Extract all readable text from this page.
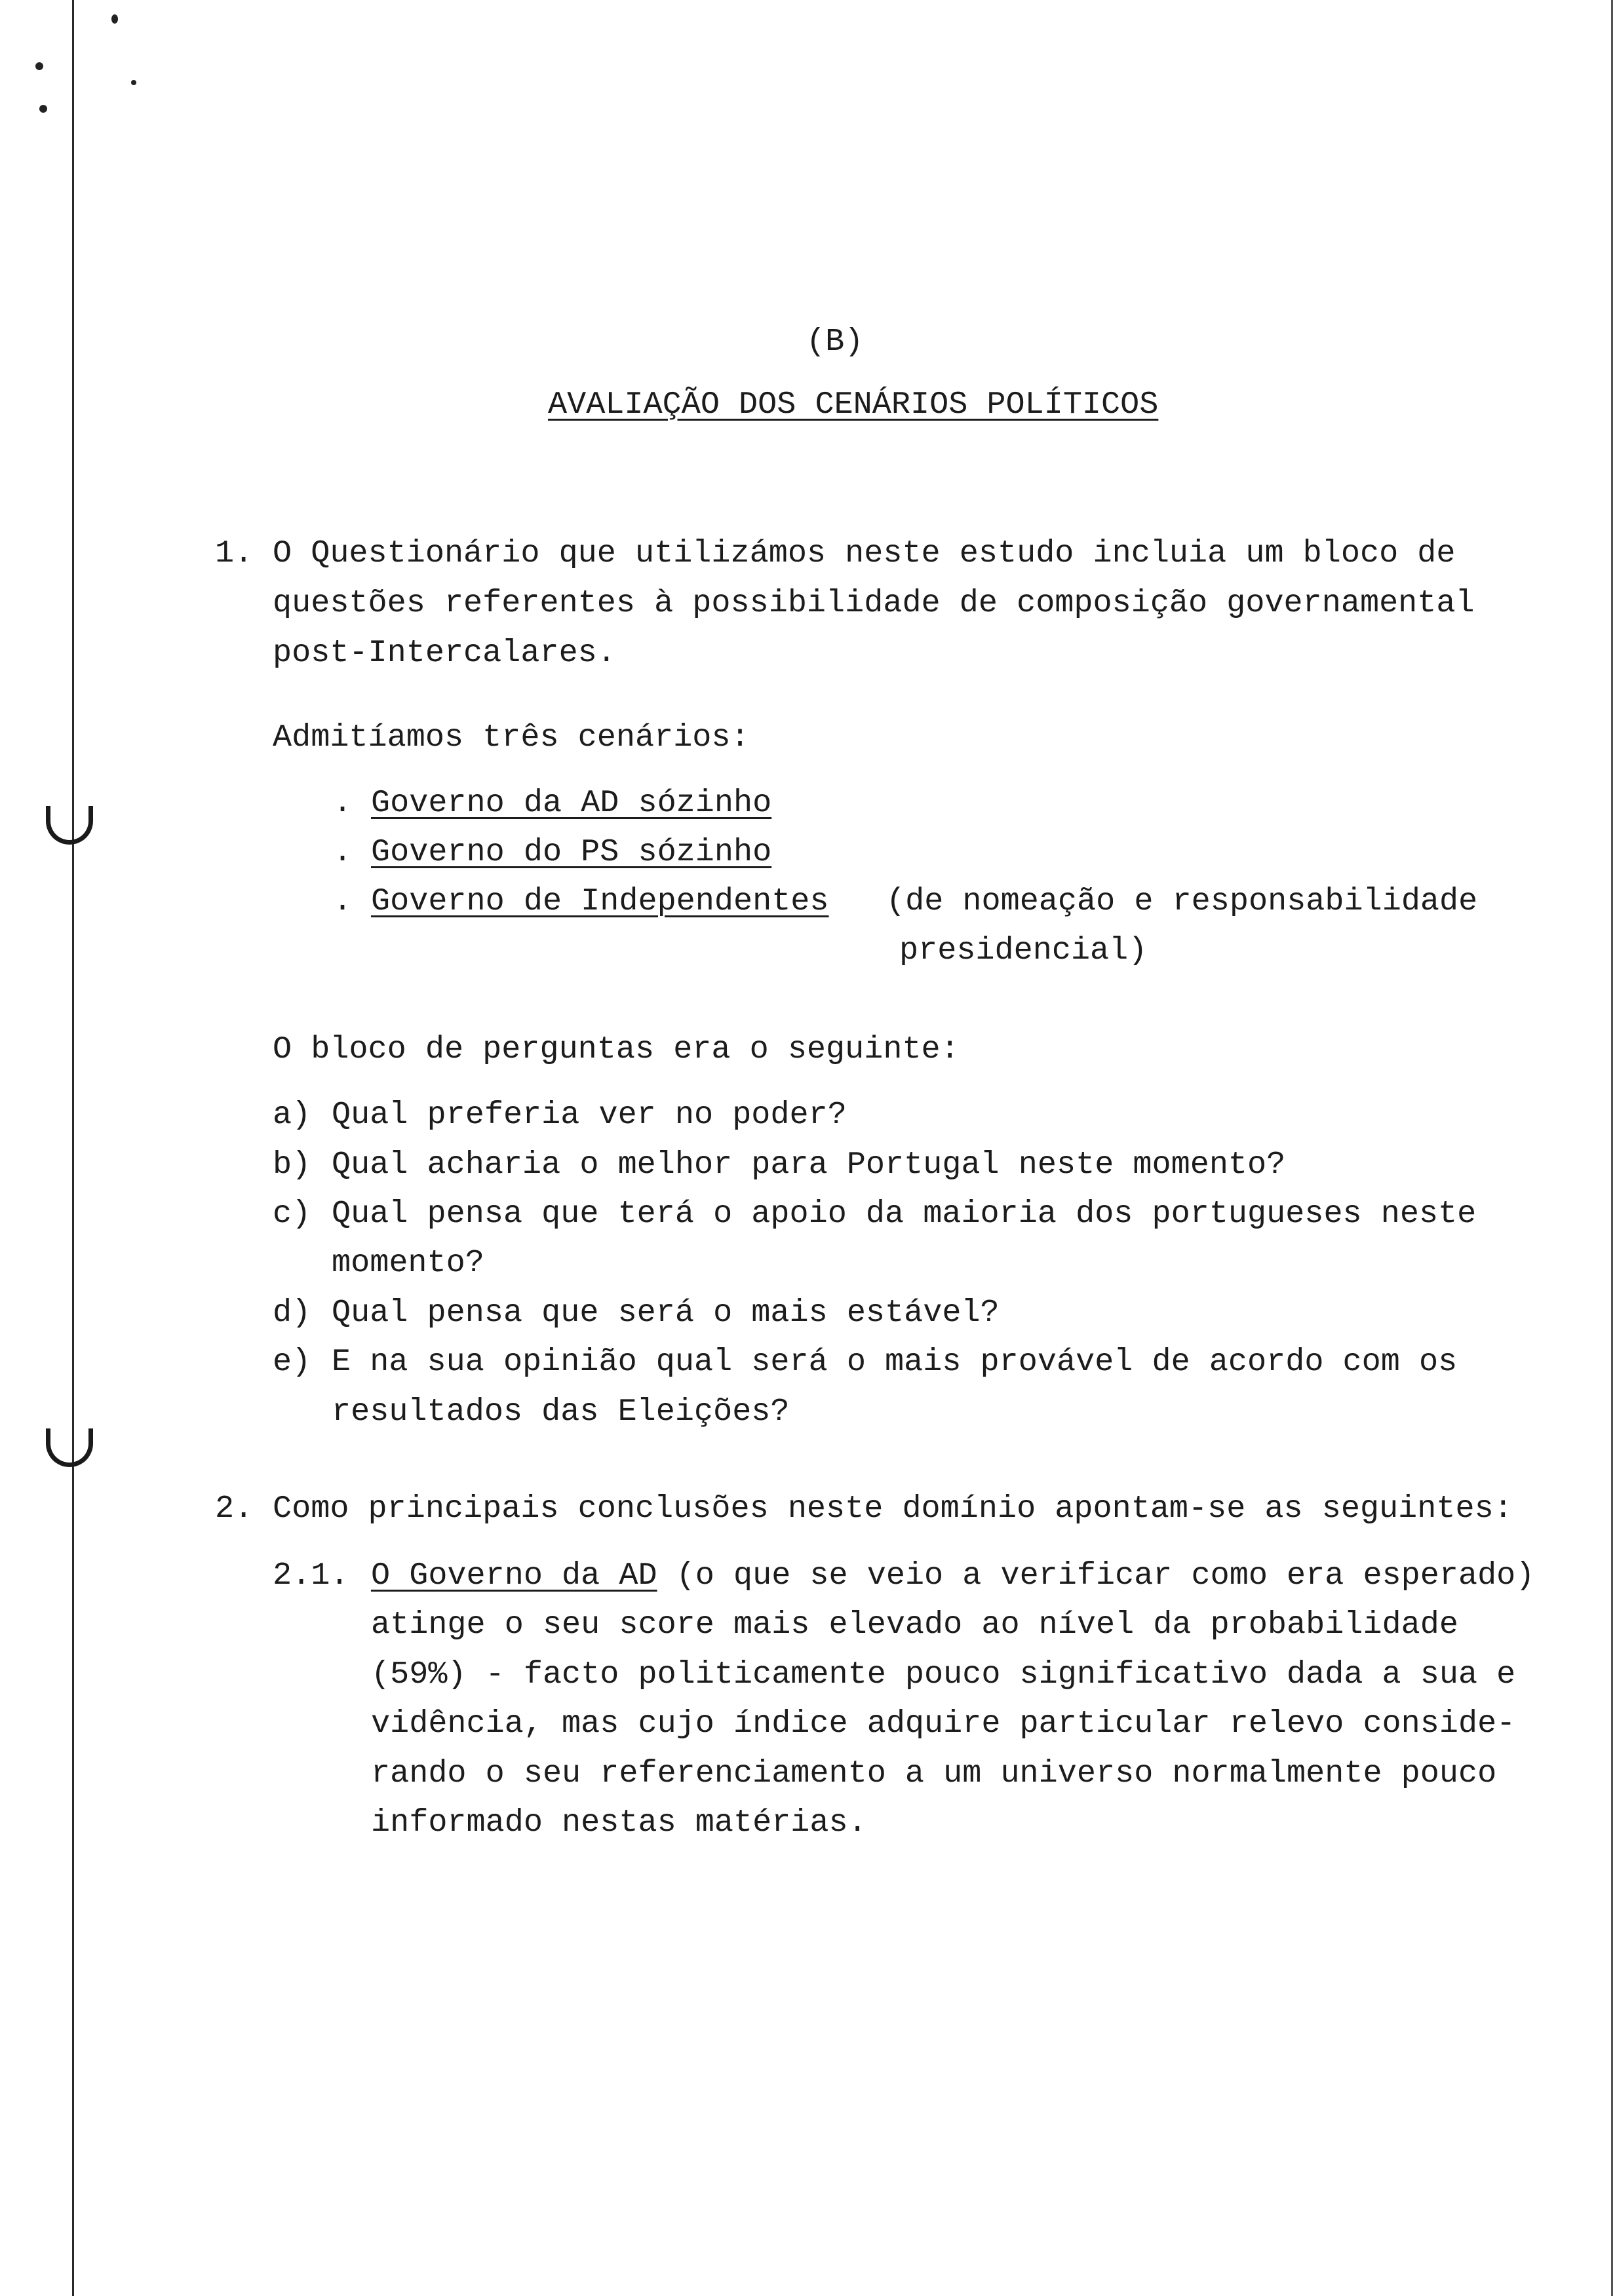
(B)
AVALIAÇÃO DOS CENÁRIOS POLÍTICOS
1. O Questionário que utilizámos neste estudo incluia um bloco de
questões referentes à possibilidade de composição governamental
post-Intercalares.
Admitíamos três cenários:
. Governo da AD sózinho
. Governo do PS sózinho
. Governo de Independentes (de nomeação e responsabilidade
presidencial)
O bloco de perguntas era o seguinte:
a) Qual preferia ver no poder?
b) Qual acharia o melhor para Portugal neste momento?
c) Qual pensa que terá o apoio da maioria dos portugueses neste
momento?
d) Qual pensa que será o mais estável?
e) E na sua opinião qual será o mais provável de acordo com os
resultados das Eleições?
2. Como principais conclusões neste domínio apontam-se as seguintes:
2.1. O Governo da AD (o que se veio a verificar como era esperado)
atinge o seu score mais elevado ao nível da probabilidade
(59%) - facto politicamente pouco significativo dada a sua e
vidência, mas cujo índice adquire particular relevo conside-
rando o seu referenciamento a um universo normalmente pouco
informado nestas matérias.
